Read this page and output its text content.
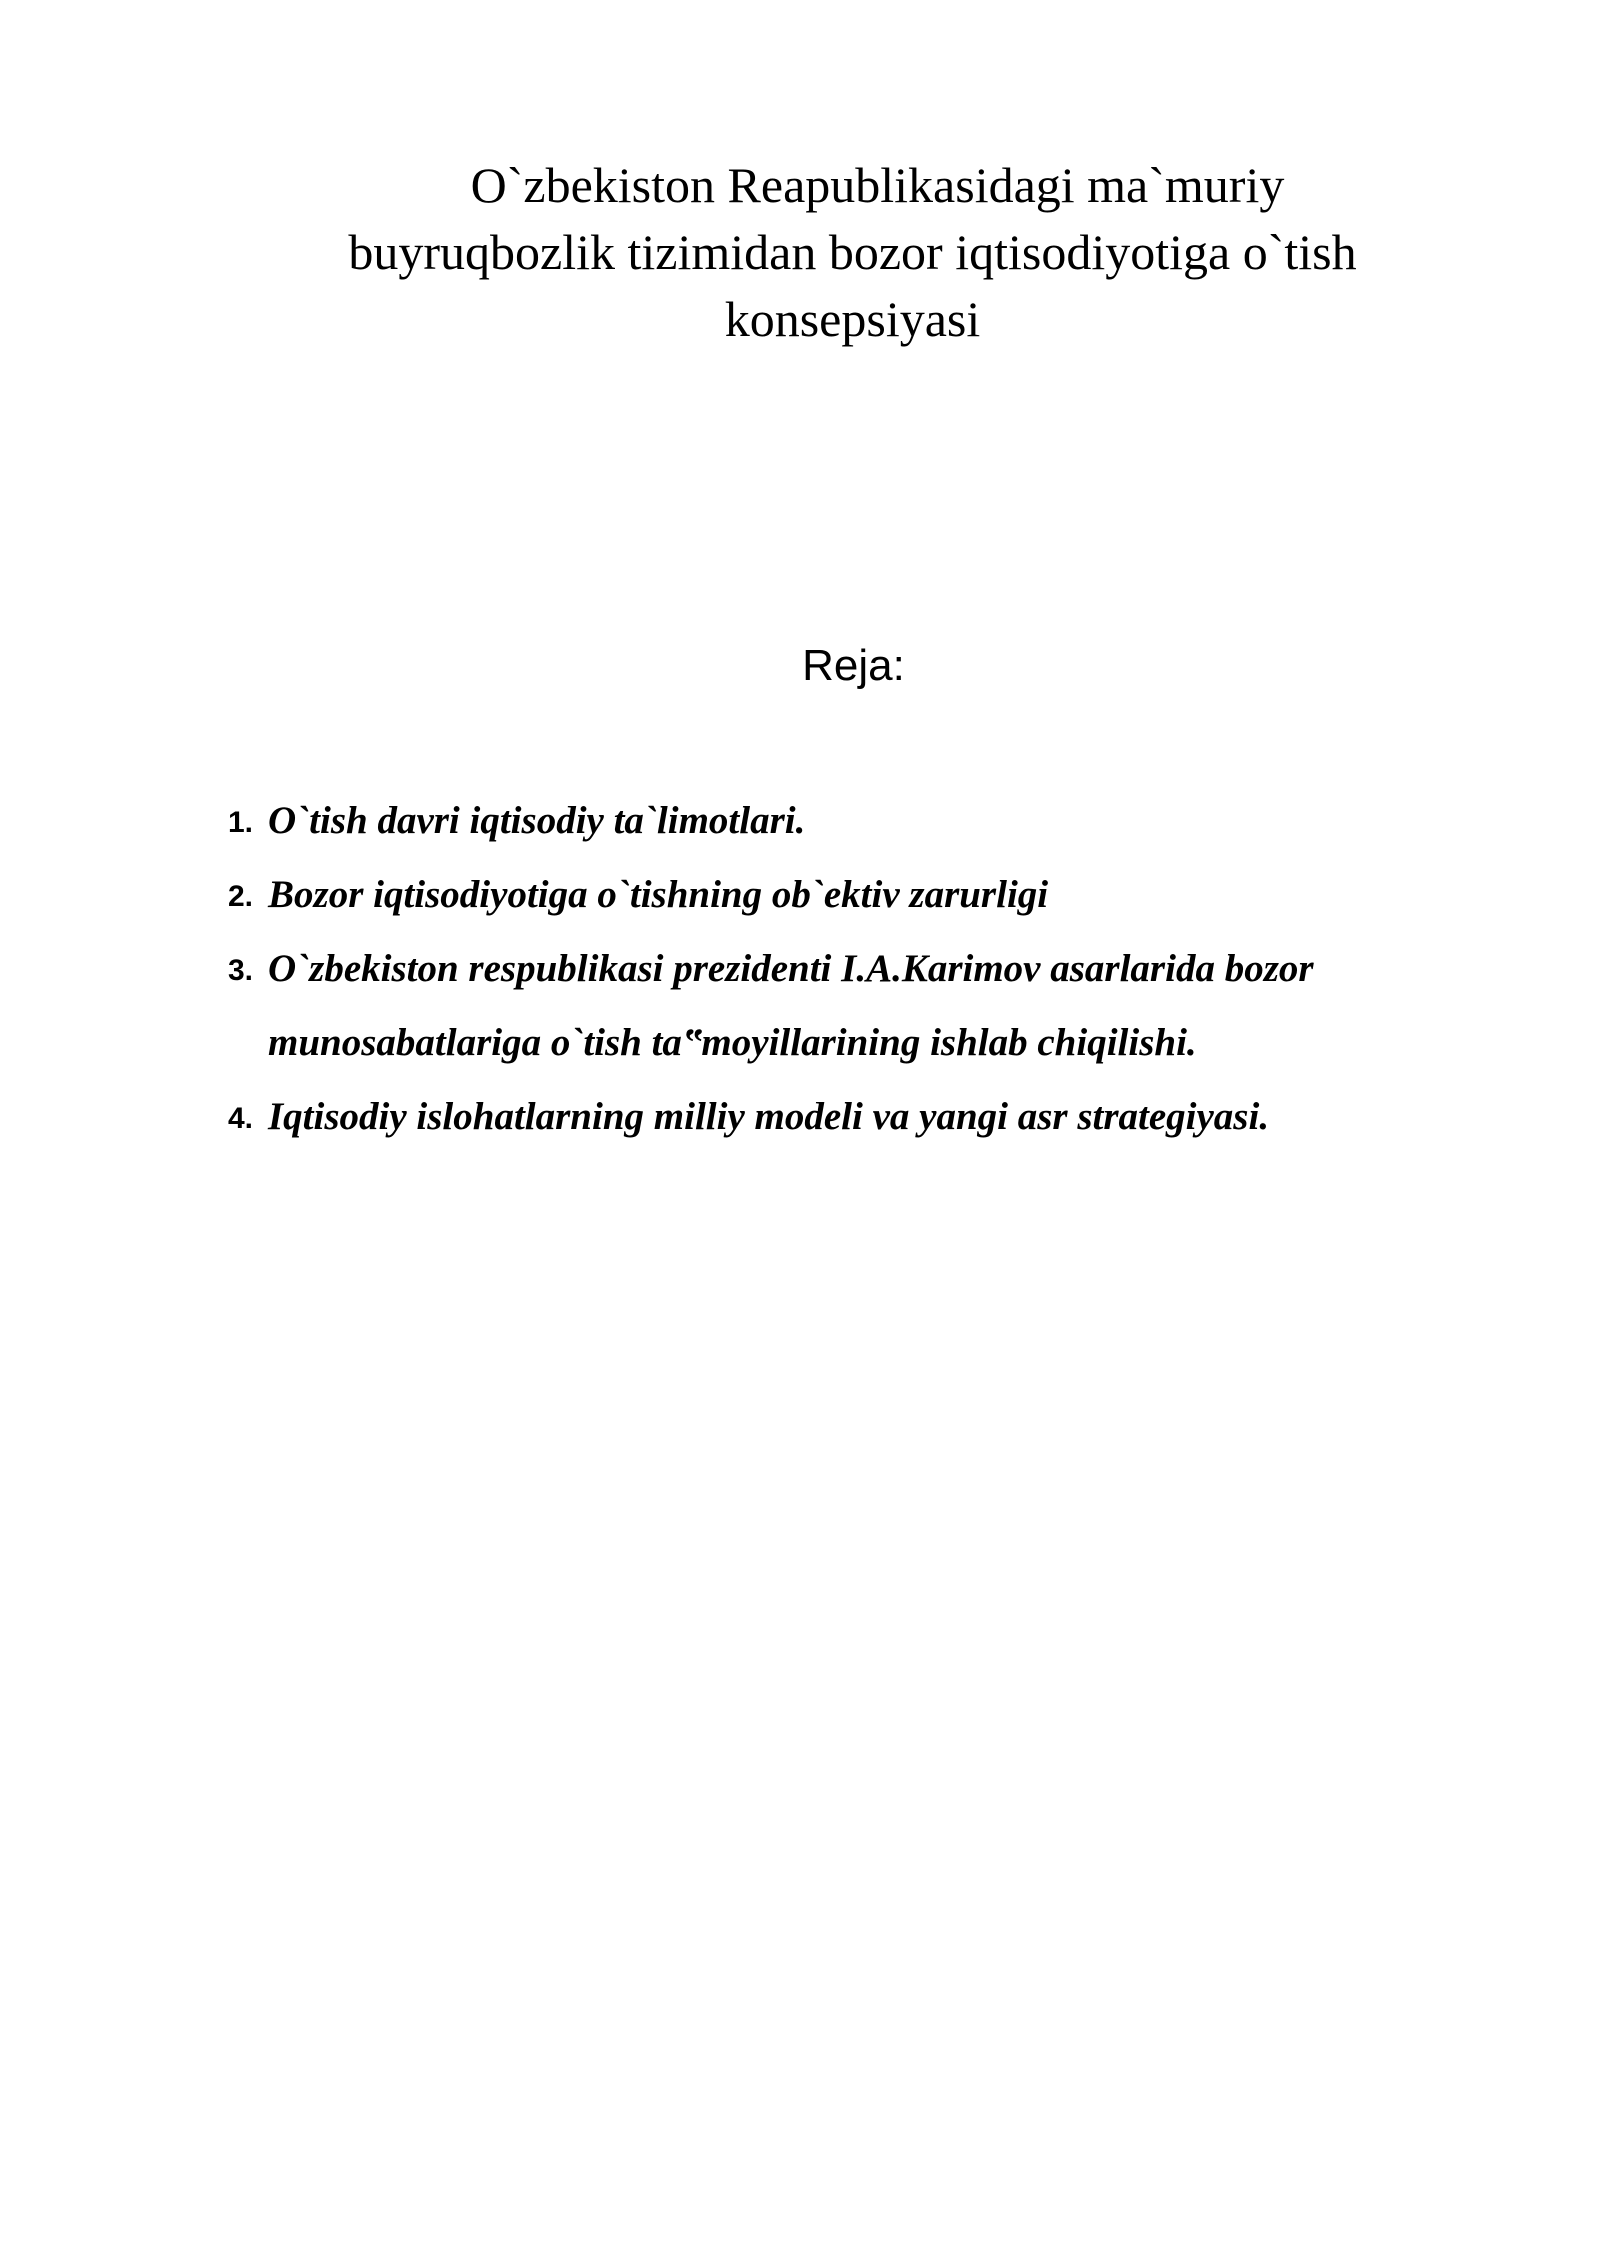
O`zbekiston Reapublikasidagi ma`muriy
buyruqbozlik tizimidan bozor iqtisodiyotiga o`tish
konsepsiyasi
Reja:
1. O`tish davri iqtisodiy ta`limotlari.
2. Bozor iqtisodiyotiga o`tishning ob`ektiv zarurligi
3. O`zbekiston respublikasi prezidenti I.A.Karimov asarlarida bozor
munosabatlariga o`tish ta‟moyillarining ishlab chiqilishi.
4. Iqtisodiy islohatlarning milliy modeli va yangi asr strategiyasi.
